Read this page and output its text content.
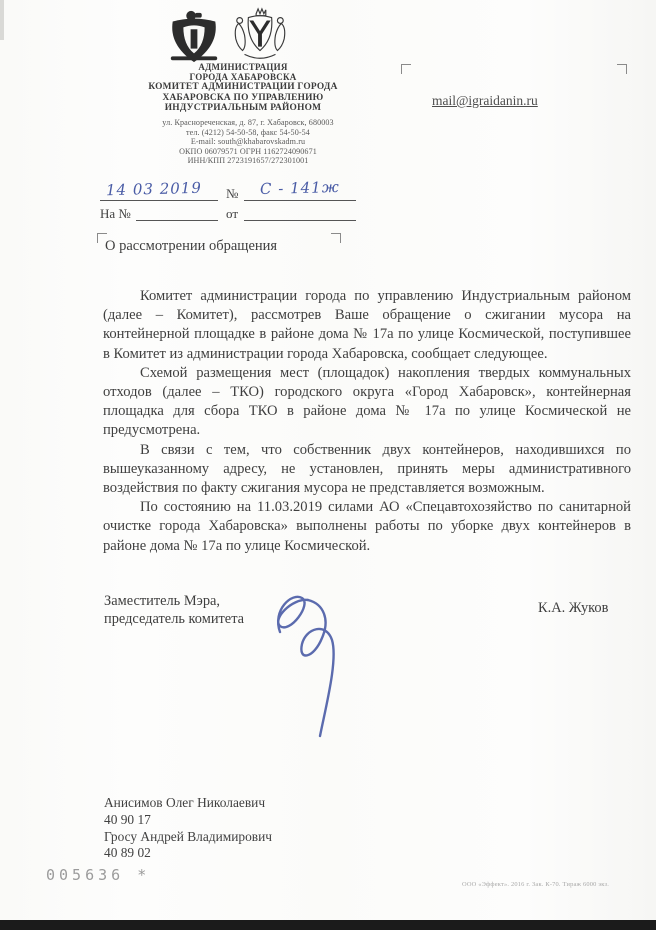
АДМИНИСТРАЦИЯ
ГОРОДА ХАБАРОВСКА
КОМИТЕТ АДМИНИСТРАЦИИ ГОРОДА
ХАБАРОВСКА ПО УПРАВЛЕНИЮ
ИНДУСТРИАЛЬНЫМ РАЙОНОМ
ул. Краснореченская, д. 87, г. Хабаровск, 680003
тел. (4212) 54-50-58, факс 54-50-54
E-mail: south@khabarovskadm.ru
ОКПО 06079571 ОГРН 1162724090671
ИНН/КПП 2723191657/272301001
mail@igraidanin.ru
14 03 2019 № С - 141ж
На №	от
О рассмотрении обращения

Комитет администрации города по управлению Индустриальным районом (далее – Комитет), рассмотрев Ваше обращение о сжигании мусора на контейнерной площадке в районе дома № 17а по улице Космической, поступившее в Комитет из администрации города Хабаровска, сообщает следующее.

Схемой размещения мест (площадок) накопления твердых коммунальных отходов (далее – ТКО) городского округа «Город Хабаровск», контейнерная площадка для сбора ТКО в районе дома № 17а по улице Космической не предусмотрена.

В связи с тем, что собственник двух контейнеров, находившихся по вышеуказанному адресу, не установлен, принять меры административного воздействия по факту сжигания мусора не представляется возможным.

По состоянию на 11.03.2019 силами АО «Спецавтохозяйство по санитарной очистке города Хабаровска» выполнены работы по уборке двух контейнеров в районе дома № 17а по улице Космической.

Заместитель Мэра,
председатель комитета
К.А. Жуков
Анисимов Олег Николаевич
40 90 17
Гросу Андрей Владимирович
40 89 02
005636 *
ООО «Эффект». 2016 г. Зак. К-70. Тираж 6000 экз.
